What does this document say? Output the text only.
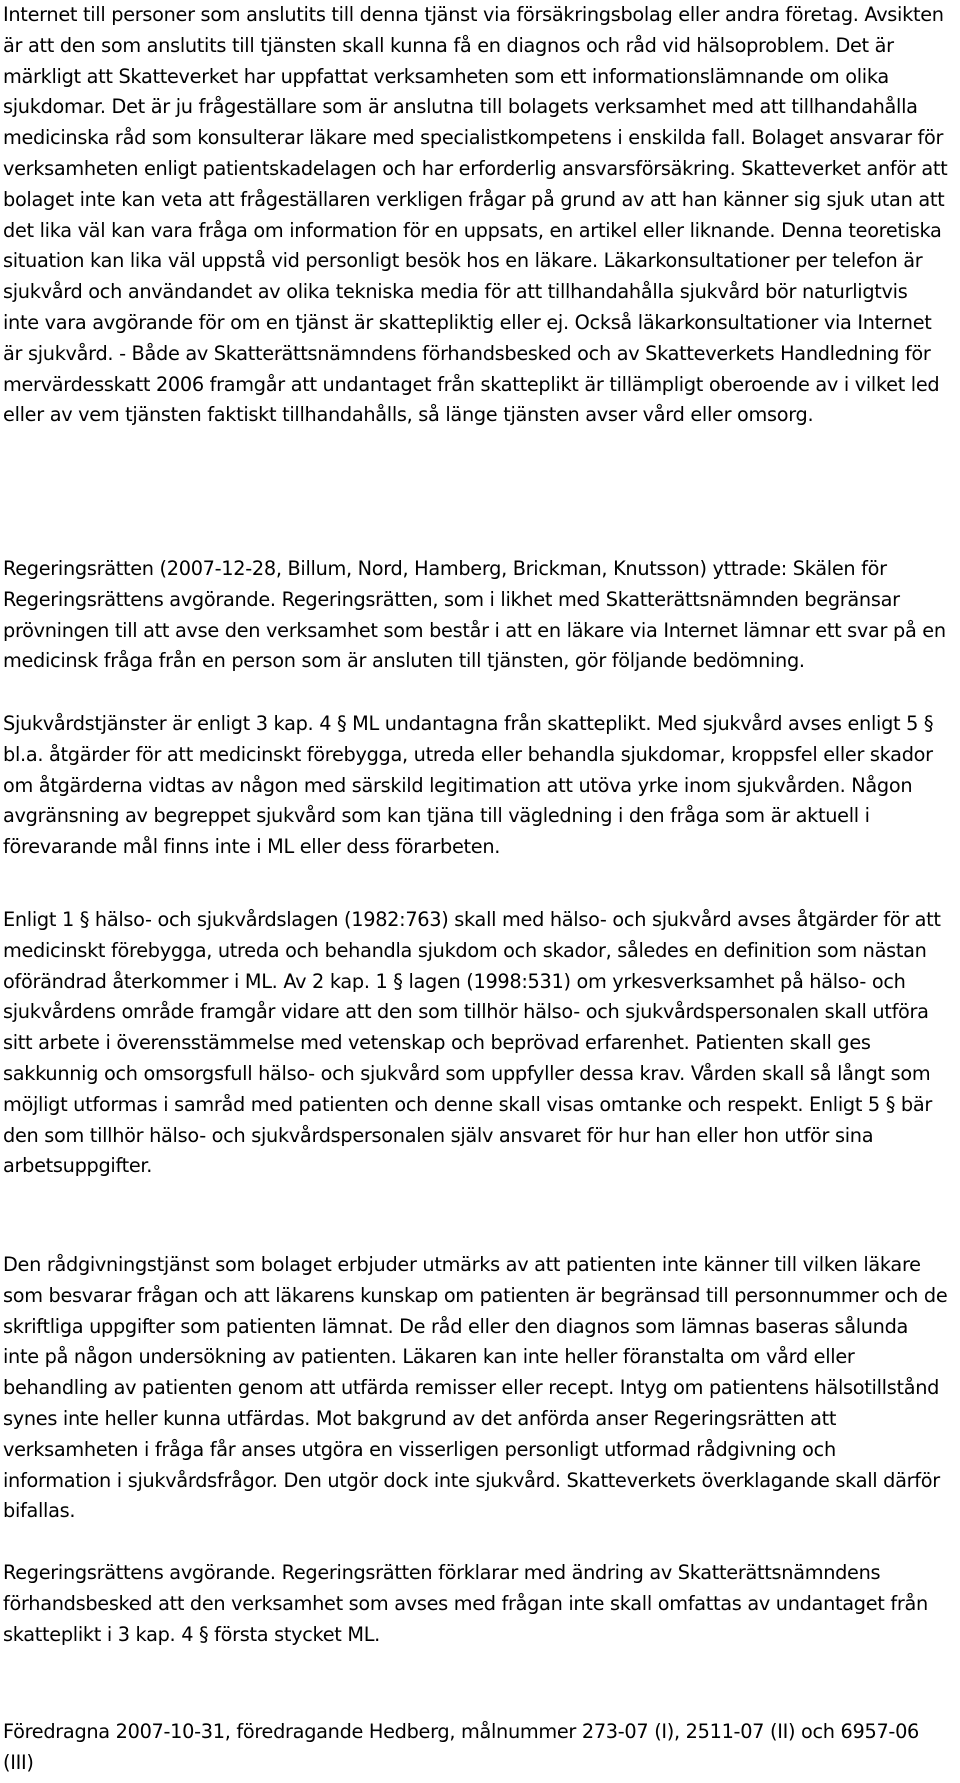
Internet till personer som anslutits till denna tjänst via försäkringsbolag eller andra företag. Avsikten är att den som anslutits till tjänsten skall kunna få en diagnos och råd vid hälsoproblem. Det är märkligt att Skatteverket har uppfattat verksamheten som ett informationslämnande om olika sjukdomar. Det är ju frågeställare som är anslutna till bolagets verksamhet med att tillhandahålla medicinska råd som konsulterar läkare med specialistkompetens i enskilda fall. Bolaget ansvarar för verksamheten enligt patientskadelagen och har erforderlig ansvarsförsäkring. Skatteverket anför att bolaget inte kan veta att frågeställaren verkligen frågar på grund av att han känner sig sjuk utan att det lika väl kan vara fråga om information för en uppsats, en artikel eller liknande. Denna teoretiska situation kan lika väl uppstå vid personligt besök hos en läkare. Läkarkonsultationer per telefon är sjukvård och användandet av olika tekniska media för att tillhandahålla sjukvård bör naturligtvis inte vara avgörande för om en tjänst är skattepliktig eller ej. Också läkarkonsultationer via Internet är sjukvård. - Både av Skatterättsnämndens förhandsbesked och av Skatteverkets Handledning för mervärdesskatt 2006 framgår att undantaget från skatteplikt är tillämpligt oberoende av i vilket led eller av vem tjänsten faktiskt tillhandahålls, så länge tjänsten avser vård eller omsorg.

Regeringsrätten (2007-12-28, Billum, Nord, Hamberg, Brickman, Knutsson) yttrade: Skälen för Regeringsrättens avgörande. Regeringsrätten, som i likhet med Skatterättsnämnden begränsar prövningen till att avse den verksamhet som består i att en läkare via Internet lämnar ett svar på en medicinsk fråga från en person som är ansluten till tjänsten, gör följande bedömning.

Sjukvårdstjänster är enligt 3 kap. 4 § ML undantagna från skatteplikt. Med sjukvård avses enligt 5 § bl.a. åtgärder för att medicinskt förebygga, utreda eller behandla sjukdomar, kroppsfel eller skador om åtgärderna vidtas av någon med särskild legitimation att utöva yrke inom sjukvården. Någon avgränsning av begreppet sjukvård som kan tjäna till vägledning i den fråga som är aktuell i förevarande mål finns inte i ML eller dess förarbeten.

Enligt 1 § hälso- och sjukvårdslagen (1982:763) skall med hälso- och sjukvård avses åtgärder för att medicinskt förebygga, utreda och behandla sjukdom och skador, således en definition som nästan oförändrad återkommer i ML. Av 2 kap. 1 § lagen (1998:531) om yrkesverksamhet på hälso- och sjukvårdens område framgår vidare att den som tillhör hälso- och sjukvårdspersonalen skall utföra sitt arbete i överensstämmelse med vetenskap och beprövad erfarenhet. Patienten skall ges sakkunnig och omsorgsfull hälso- och sjukvård som uppfyller dessa krav. Vården skall så långt som möjligt utformas i samråd med patienten och denne skall visas omtanke och respekt. Enligt 5 § bär den som tillhör hälso- och sjukvårdspersonalen själv ansvaret för hur han eller hon utför sina arbetsuppgifter.

Den rådgivningstjänst som bolaget erbjuder utmärks av att patienten inte känner till vilken läkare som besvarar frågan och att läkarens kunskap om patienten är begränsad till personnummer och de skriftliga uppgifter som patienten lämnat. De råd eller den diagnos som lämnas baseras sålunda inte på någon undersökning av patienten. Läkaren kan inte heller föranstalta om vård eller behandling av patienten genom att utfärda remisser eller recept. Intyg om patientens hälsotillstånd synes inte heller kunna utfärdas. Mot bakgrund av det anförda anser Regeringsrätten att verksamheten i fråga får anses utgöra en visserligen personligt utformad rådgivning och information i sjukvårdsfrågor. Den utgör dock inte sjukvård. Skatteverkets överklagande skall därför bifallas.

Regeringsrättens avgörande. Regeringsrätten förklarar med ändring av Skatterättsnämndens förhandsbesked att den verksamhet som avses med frågan inte skall omfattas av undantaget från skatteplikt i 3 kap. 4 § första stycket ML.

Föredragna 2007-10-31, föredragande Hedberg, målnummer 273-07 (I), 2511-07 (II) och 6957-06 (III)
